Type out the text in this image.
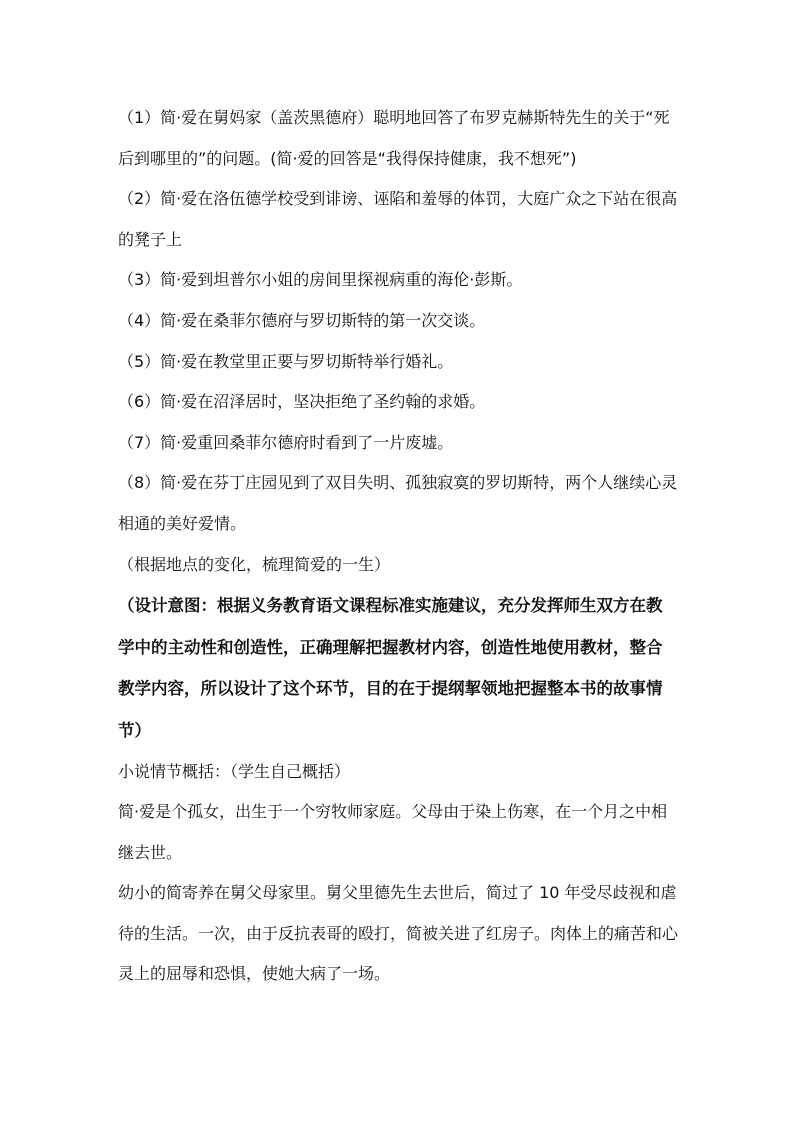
（1）简·爱在舅妈家（盖茨黑德府）聪明地回答了布罗克赫斯特先生的关于“死后到哪里的”的问题。(简·爱的回答是“我得保持健康，我不想死”)

（2）简·爱在洛伍德学校受到诽谤、诬陷和羞辱的体罚，大庭广众之下站在很高的凳子上

（3）简·爱到坦普尔小姐的房间里探视病重的海伦·彭斯。

（4）简·爱在桑菲尔德府与罗切斯特的第一次交谈。

（5）简·爱在教堂里正要与罗切斯特举行婚礼。

（6）简·爱在沼泽居时，坚决拒绝了圣约翰的求婚。

（7）简·爱重回桑菲尔德府时看到了一片废墟。

（8）简·爱在芬丁庄园见到了双目失明、孤独寂寞的罗切斯特，两个人继续心灵相通的美好爱情。

（根据地点的变化，梳理简爱的一生）

（设计意图：根据义务教育语文课程标准实施建议，充分发挥师生双方在教学中的主动性和创造性，正确理解把握教材内容，创造性地使用教材，整合教学内容，所以设计了这个环节，目的在于提纲挈领地把握整本书的故事情节）

小说情节概括：（学生自己概括）

简·爱是个孤女，出生于一个穷牧师家庭。父母由于染上伤寒，在一个月之中相继去世。

幼小的简寄养在舅父母家里。舅父里德先生去世后，简过了 10 年受尽歧视和虐待的生活。一次，由于反抗表哥的殴打，简被关进了红房子。肉体上的痛苦和心灵上的屈辱和恐惧，使她大病了一场。
